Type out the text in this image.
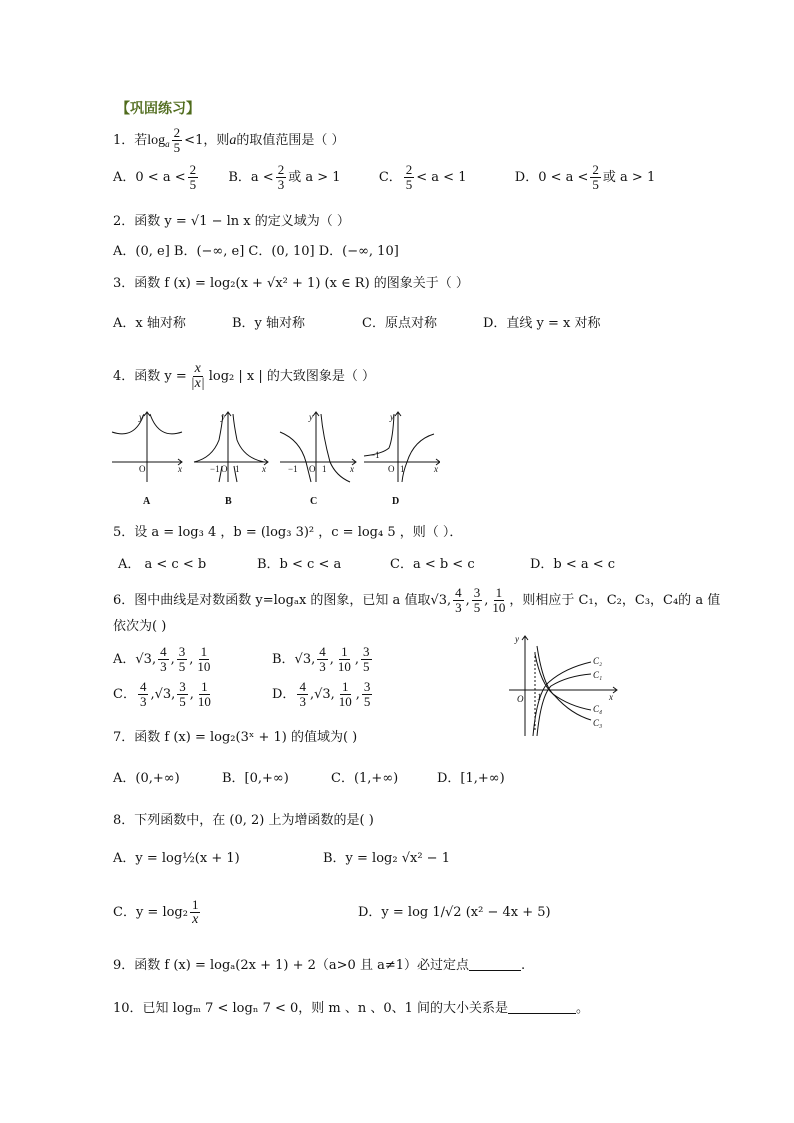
【巩固练习】
1．若$\log_a \frac{2}{5} <1$，则a的取值范围是（ ）
A．$0 < a < \frac{2}{5}$ B．$a < \frac{2}{3}$ 或 a > 1	C． $\frac{2}{5} < a < 1$	D．$0 < a < \frac{2}{5}$ 或 a > 1
2．函数 y = √1 − ln x 的定义域为（ ）
A．(0, e] B．(−∞, e] C．(0, 10] D．(−∞, 10]
3．函数 f (x) = log₂(x + √x² + 1) (x ∈ R) 的图象关于（ ）
A．x 轴对称	B．y 轴对称	C．原点对称	D．直线 y = x 对称
4．函数 $y = \frac{x}{|x|} \log_2$ | x | 的大致图象是（ ）
y
x
O
y
x
−1 O 1
y
x
−1 O 1
y
x
−1
O 1
A	B	C	D
5．设 a = log₃ 4 ，b = (log₃ 3)² ，c = log₄ 5 ，则（ ）．
A． a < c < b	B．b < c < a	C．a < b < c	D．b < a < c
6．图中曲线是对数函数 y=logₐx 的图象，已知 a 值取√3, $\frac{4}{3}$ , $\frac{3}{5}$ , $\frac{1}{10}$ ，则相应于 C₁，C₂，C₃，C₄的 a 值
依次为( )
A．√3, $\frac{4}{3}$ , $\frac{3}{5}$ , $\frac{1}{10}$	B．√3, $\frac{4}{3}$ , $\frac{1}{10}$ , $\frac{3}{5}$
C． $\frac{4}{3} ,√3$, $\frac{3}{5}$ , $\frac{1}{10}$	D． $\frac{4}{3} ,√3$, $\frac{1}{10}$ , $\frac{3}{5}$
y
x
O 1
C₂
C₁
C₄
C₃
7．函数 f (x) = log₂(3ˣ + 1) 的值域为( )
A．(0,+∞)	B．[0,+∞)	C．(1,+∞)	D．[1,+∞)
8．下列函数中，在 (0, 2) 上为增函数的是( )
A．y = log½(x + 1)	B．y = log₂ √x² − 1
C．$y = \log_2 \frac{1}{x}$	D．y = log 1/√2 (x² − 4x + 5)
9．函数 f (x) = logₐ(2x + 1) + 2（a>0 且 a≠1）必过定点	.
10．已知 logₘ 7 < logₙ 7 < 0，则 m 、n 、0、1 间的大小关系是	。
